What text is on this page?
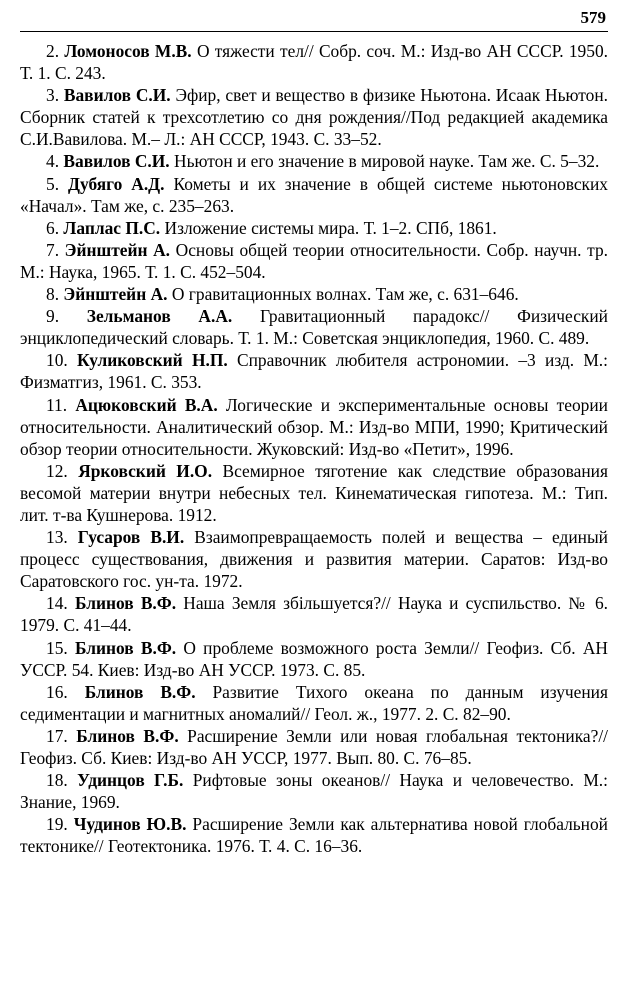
579
2. Ломоносов М.В. О тяжести тел// Собр. соч. М.: Изд-во АН СССР. 1950. Т. 1. С. 243.
3. Вавилов С.И. Эфир, свет и вещество в физике Ньютона. Исаак Ньютон. Сборник статей к трехсотлетию со дня рождения//Под редакцией академика С.И.Вавилова. М.– Л.: АН СССР, 1943. С. 33–52.
4. Вавилов С.И. Ньютон и его значение в мировой науке. Там же. С. 5–32.
5. Дубяго А.Д. Кометы и их значение в общей системе ньютоновских «Начал». Там же, с. 235–263.
6. Лаплас П.С. Изложение системы мира. Т. 1–2. СПб, 1861.
7. Эйнштейн А. Основы общей теории относительности. Собр. научн. тр. М.: Наука, 1965. Т. 1. С. 452–504.
8. Эйнштейн А. О гравитационных волнах. Там же, с. 631–646.
9. Зельманов А.А. Гравитационный парадокс// Физический энциклопедический словарь. Т. 1. М.: Советская энциклопедия, 1960. С. 489.
10. Куликовский Н.П. Справочник любителя астрономии. –3 изд. М.: Физматгиз, 1961. С. 353.
11. Ацюковский В.А. Логические и экспериментальные основы теории относительности. Аналитический обзор. М.: Изд-во МПИ, 1990; Критический обзор теории относительности. Жуковский: Изд-во «Петит», 1996.
12. Ярковский И.О. Всемирное тяготение как следствие образования весомой материи внутри небесных тел. Кинематическая гипотеза. М.: Тип. лит. т-ва Кушнерова. 1912.
13. Гусаров В.И. Взаимопревращаемость полей и вещества – единый процесс существования, движения и развития материи. Саратов: Изд-во Саратовского гос. ун-та. 1972.
14. Блинов В.Ф. Наша Земля збільшуется?// Наука и суспильство. № 6. 1979. С. 41–44.
15. Блинов В.Ф. О проблеме возможного роста Земли// Геофиз. Сб. АН УССР. 54. Киев: Изд-во АН УССР. 1973. С. 85.
16. Блинов В.Ф. Развитие Тихого океана по данным изучения седиментации и магнитных аномалий// Геол. ж., 1977. 2. С. 82–90.
17. Блинов В.Ф. Расширение Земли или новая глобальная тектоника?// Геофиз. Сб. Киев: Изд-во АН УССР, 1977. Вып. 80. С. 76–85.
18. Удинцов Г.Б. Рифтовые зоны океанов// Наука и человечество. М.: Знание, 1969.
19. Чудинов Ю.В. Расширение Земли как альтернатива новой глобальной тектонике// Геотектоника. 1976. Т. 4. С. 16–36.
